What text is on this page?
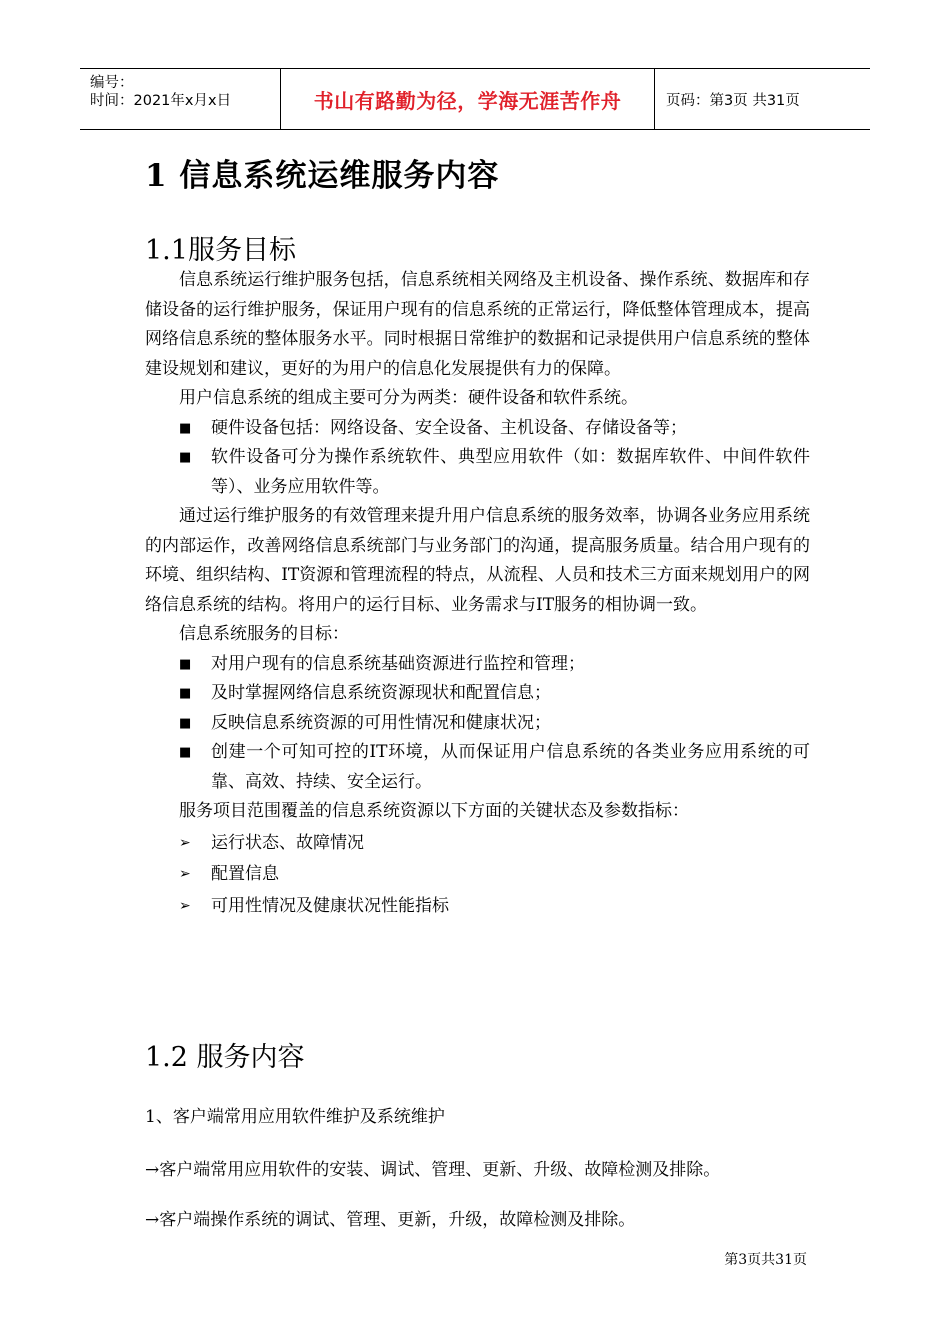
编号：
时间：2021年x月x日	书山有路勤为径，学海无涯苦作舟	页码：第3页 共31页
1 信息系统运维服务内容
1.1服务目标

信息系统运行维护服务包括，信息系统相关网络及主机设备、操作系统、数据库和存储设备的运行维护服务，保证用户现有的信息系统的正常运行，降低整体管理成本，提高网络信息系统的整体服务水平。同时根据日常维护的数据和记录提供用户信息系统的整体建设规划和建议，更好的为用户的信息化发展提供有力的保障。

用户信息系统的组成主要可分为两类：硬件设备和软件系统。

■	硬件设备包括：网络设备、安全设备、主机设备、存储设备等；
■	软件设备可分为操作系统软件、典型应用软件（如：数据库软件、中间件软件等）、业务应用软件等。

通过运行维护服务的有效管理来提升用户信息系统的服务效率，协调各业务应用系统的内部运作，改善网络信息系统部门与业务部门的沟通，提高服务质量。结合用户现有的环境、组织结构、IT资源和管理流程的特点，从流程、人员和技术三方面来规划用户的网络信息系统的结构。将用户的运行目标、业务需求与IT服务的相协调一致。

信息系统服务的目标：

■	对用户现有的信息系统基础资源进行监控和管理；
■	及时掌握网络信息系统资源现状和配置信息；
■	反映信息系统资源的可用性情况和健康状况；
■	创建一个可知可控的IT环境，从而保证用户信息系统的各类业务应用系统的可靠、高效、持续、安全运行。

服务项目范围覆盖的信息系统资源以下方面的关键状态及参数指标：

➢	运行状态、故障情况
➢	配置信息
➢	可用性情况及健康状况性能指标
1.2 服务内容
1、客户端常用应用软件维护及系统维护
→客户端常用应用软件的安装、调试、管理、更新、升级、故障检测及排除。
→客户端操作系统的调试、管理、更新，升级，故障检测及排除。
第3页共31页
